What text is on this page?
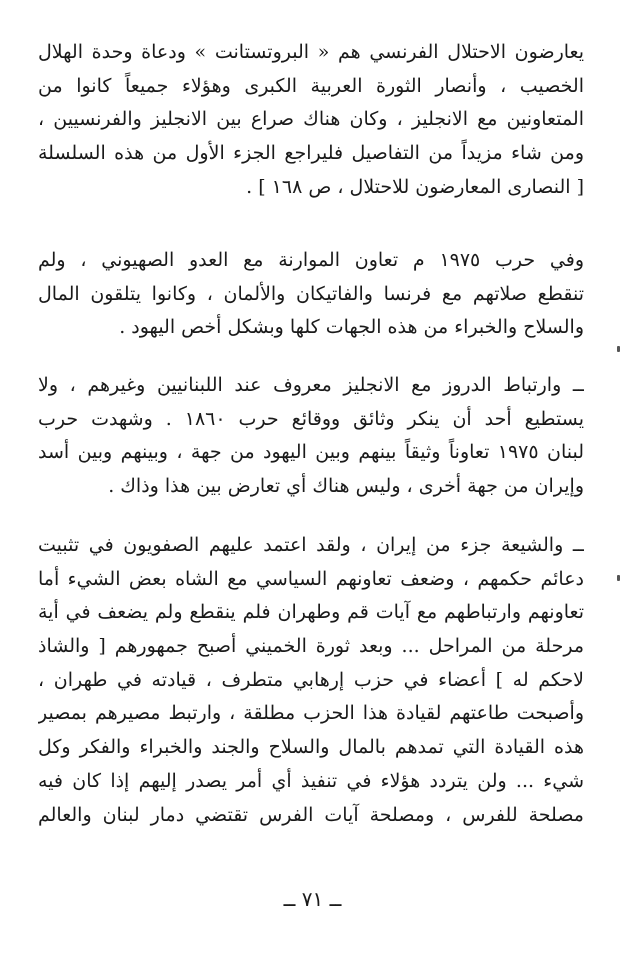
يعارضون الاحتلال الفرنسي هم « البروتستانت » ودعاة وحدة الهلال
الخصيب ، وأنصار الثورة العربية الكبرى وهؤلاء جميعاً كانوا من
المتعاونين مع الانجليز ، وكان هناك صراع بين الانجليز والفرنسيين ،
ومن شاء مزيداً من التفاصيل فليراجع الجزء الأول من هذه السلسلة
[ النصارى المعارضون للاحتلال ، ص ١٦٨ ] .
وفي حرب ١٩٧٥ م تعاون الموارنة مع العدو الصهيوني ، ولم
تنقطع صلاتهم مع فرنسا والفاتيكان والألمان ، وكانوا يتلقون المال
والسلاح والخبراء من هذه الجهات كلها وبشكل أخص اليهود .
ــ وارتباط الدروز مع الانجليز معروف عند اللبنانيين وغيرهم ، ولا
يستطيع أحد أن ينكر وثائق ووقائع حرب ١٨٦٠ . وشهدت حرب
لبنان ١٩٧٥ تعاوناً وثيقاً بينهم وبين اليهود من جهة ، وبينهم وبين أسد
وإيران من جهة أخرى ، وليس هناك أي تعارض بين هذا وذاك .
ــ والشيعة جزء من إيران ، ولقد اعتمد عليهم الصفويون في تثبيت
دعائم حكمهم ، وضعف تعاونهم السياسي مع الشاه بعض الشيء أما
تعاونهم وارتباطهم مع آيات قم وطهران فلم ينقطع ولم يضعف في أية
مرحلة من المراحل ... وبعد ثورة الخميني أصبح جمهورهم [ والشاذ
لاحكم له ] أعضاء في حزب إرهابي متطرف ، قيادته في طهران ،
وأصبحت طاعتهم لقيادة هذا الحزب مطلقة ، وارتبط مصيرهم بمصير
هذه القيادة التي تمدهم بالمال والسلاح والجند والخبراء والفكر وكل
شيء ... ولن يتردد هؤلاء في تنفيذ أي أمر يصدر إليهم إذا كان فيه
مصلحة للفرس ، ومصلحة آيات الفرس تقتضي دمار لبنان والعالم
ــ ٧١ ــ
